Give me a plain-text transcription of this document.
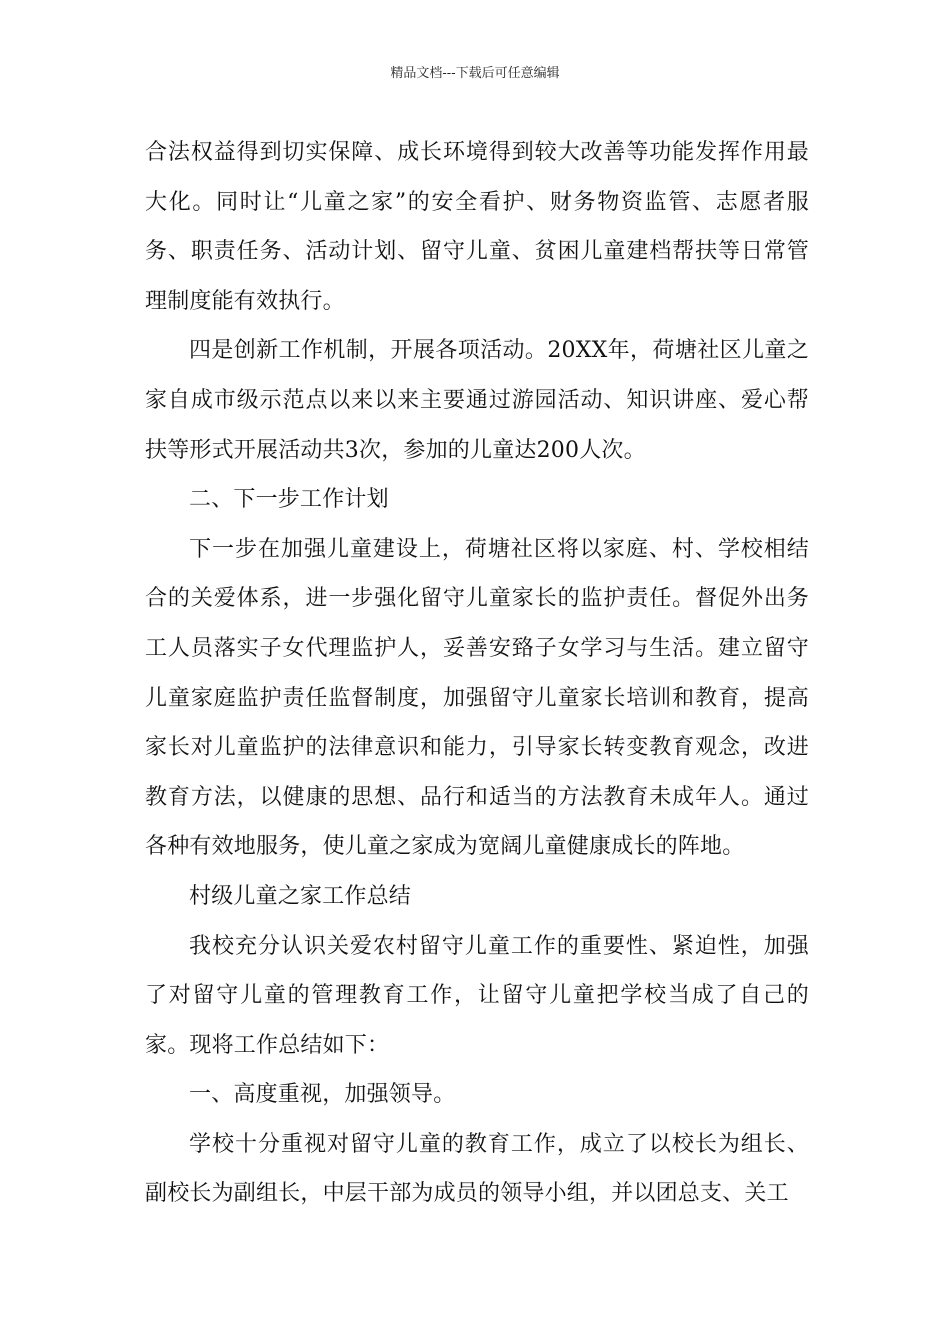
精品文档---下载后可任意编辑

合法权益得到切实保障、成长环境得到较大改善等功能发挥作用最大化。同时让“儿童之家”的安全看护、财务物资监管、志愿者服务、职责任务、活动计划、留守儿童、贫困儿童建档帮扶等日常管理制度能有效执行。

四是创新工作机制，开展各项活动。20XX年，荷塘社区儿童之家自成市级示范点以来以来主要通过游园活动、知识讲座、爱心帮扶等形式开展活动共3次，参加的儿童达200人次。

二、下一步工作计划

下一步在加强儿童建设上，荷塘社区将以家庭、村、学校相结合的关爱体系，进一步强化留守儿童家长的监护责任。督促外出务工人员落实子女代理监护人，妥善安臵子女学习与生活。建立留守儿童家庭监护责任监督制度，加强留守儿童家长培训和教育，提高家长对儿童监护的法律意识和能力，引导家长转变教育观念，改进教育方法，以健康的思想、品行和适当的方法教育未成年人。通过各种有效地服务，使儿童之家成为宽阔儿童健康成长的阵地。

村级儿童之家工作总结

我校充分认识关爱农村留守儿童工作的重要性、紧迫性，加强了对留守儿童的管理教育工作，让留守儿童把学校当成了自己的家。现将工作总结如下：

一、高度重视，加强领导。

学校十分重视对留守儿童的教育工作，成立了以校长为组长、副校长为副组长，中层干部为成员的领导小组，并以团总支、关工
